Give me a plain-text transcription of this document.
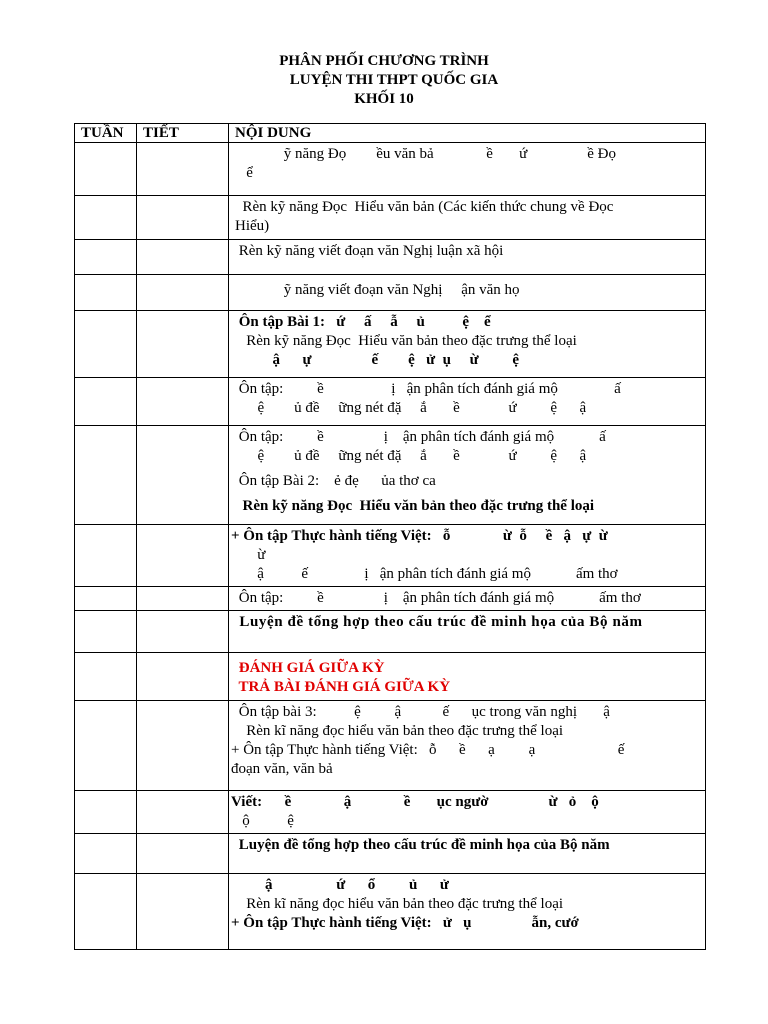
PHÂN PHỐI CHƯƠNG TRÌNH
LUYỆN THI THPT QUỐC GIA
KHỐI 10
TUẦN	TIẾT	NỘI DUNG

		ỹ năng Đọ        ều văn bả              ề       ứ                ề Đọ
ể

		Rèn kỹ năng Đọc  Hiểu văn bản (Các kiến thức chung về Đọc
Hiểu)

		Rèn kỹ năng viết đoạn văn Nghị luận xã hội

		ỹ năng viết đoạn văn Nghị     ận văn họ

		Ôn tập Bài 1:   ứ     ấ     ẫ     ủ          ệ    ể
Rèn kỹ năng Đọc  Hiểu văn bản theo đặc trưng thể loại
ậ      ự                ế        ệ   ử  ụ     ừ         ệ

		Ôn tập:         ề                  ị   ận phân tích đánh giá mộ               ấ
ệ        ủ đề     ững nét đặ     ắ       ề             ứ         ệ      ậ

		Ôn tập:         ề                ị    ận phân tích đánh giá mộ            ấ
ệ        ủ đề     ững nét đặ     ắ       ề             ứ         ệ      ậ
Ôn tập Bài 2:    ẻ đẹ      ủa thơ ca
Rèn kỹ năng Đọc  Hiểu văn bản theo đặc trưng thể loại

		+ Ôn tập Thực hành tiếng Việt:   ỗ              ừ  ỗ     ề   ậ   ự  ừ
ừ
ậ          ế               ị   ận phân tích đánh giá mộ            ấm thơ

		Ôn tập:         ề                ị    ận phân tích đánh giá mộ            ấm thơ

		Luyện đề tổng hợp theo cấu trúc đề minh họa của Bộ năm

		ĐÁNH GIÁ GIỮA KỲ
TRẢ BÀI ĐÁNH GIÁ GIỮA KỲ

		Ôn tập bài 3:          ệ         ậ           ế      ục trong văn nghị       ậ
Rèn kĩ năng đọc hiểu văn bản theo đặc trưng thể loại
+ Ôn tập Thực hành tiếng Việt:   ỗ      ề      ạ         ạ                      ế
đoạn văn, văn bả

		Viết:      ề              ậ              ề       ục ngườ                ừ   ỏ    ộ
ộ          ệ

		Luyện đề tổng hợp theo cấu trúc đề minh họa của Bộ năm

		ậ                 ứ      ổ         ủ      ử
Rèn kĩ năng đọc hiểu văn bản theo đặc trưng thể loại
+ Ôn tập Thực hành tiếng Việt:   ử   ụ                ẫn, cướ
